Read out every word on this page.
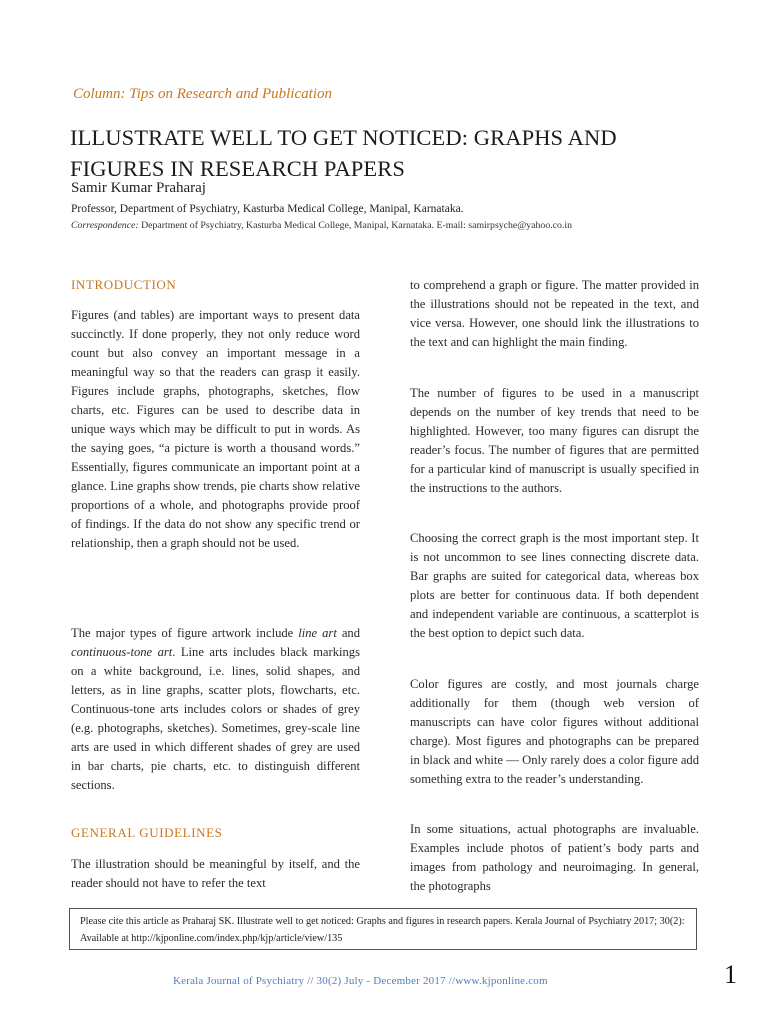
Column: Tips on Research and Publication
ILLUSTRATE WELL TO GET NOTICED: GRAPHS AND FIGURES IN RESEARCH PAPERS
Samir Kumar Praharaj
Professor, Department of Psychiatry, Kasturba Medical College, Manipal, Karnataka.
Correspondence: Department of Psychiatry, Kasturba Medical College, Manipal, Karnataka. E-mail: samirpsyche@yahoo.co.in
INTRODUCTION

Figures (and tables) are important ways to present data succinctly. If done properly, they not only reduce word count but also convey an important message in a meaningful way so that the readers can grasp it easily. Figures include graphs, photographs, sketches, flow charts, etc. Figures can be used to describe data in unique ways which may be difficult to put in words. As the saying goes, “a picture is worth a thousand words.” Essentially, figures communicate an important point at a glance. Line graphs show trends, pie charts show relative proportions of a whole, and photographs provide proof of findings. If the data do not show any specific trend or relationship, then a graph should not be used.

The major types of figure artwork include line art and continuous-tone art. Line arts includes black markings on a white background, i.e. lines, solid shapes, and letters, as in line graphs, scatter plots, flowcharts, etc. Continuous-tone arts includes colors or shades of grey (e.g. photographs, sketches). Sometimes, grey-scale line arts are used in which different shades of grey are used in bar charts, pie charts, etc. to distinguish different sections.

GENERAL GUIDELINES

The illustration should be meaningful by itself, and the reader should not have to refer the text

to comprehend a graph or figure. The matter provided in the illustrations should not be repeated in the text, and vice versa. However, one should link the illustrations to the text and can highlight the main finding.

The number of figures to be used in a manuscript depends on the number of key trends that need to be highlighted. However, too many figures can disrupt the reader’s focus. The number of figures that are permitted for a particular kind of manuscript is usually specified in the instructions to the authors.

Choosing the correct graph is the most important step. It is not uncommon to see lines connecting discrete data. Bar graphs are suited for categorical data, whereas box plots are better for continuous data. If both dependent and independent variable are continuous, a scatterplot is the best option to depict such data.

Color figures are costly, and most journals charge additionally for them (though web version of manuscripts can have color figures without additional charge). Most figures and photographs can be prepared in black and white — Only rarely does a color figure add something extra to the reader’s understanding.

In some situations, actual photographs are invaluable. Examples include photos of patient’s body parts and images from pathology and neuroimaging. In general, the photographs

Please cite this article as Praharaj SK. Illustrate well to get noticed: Graphs and figures in research papers. Kerala Journal of Psychiatry 2017; 30(2): Available at http://kjponline.com/index.php/kjp/article/view/135
Kerala Journal of Psychiatry // 30(2) July - December 2017 //www.kjponline.com	1
